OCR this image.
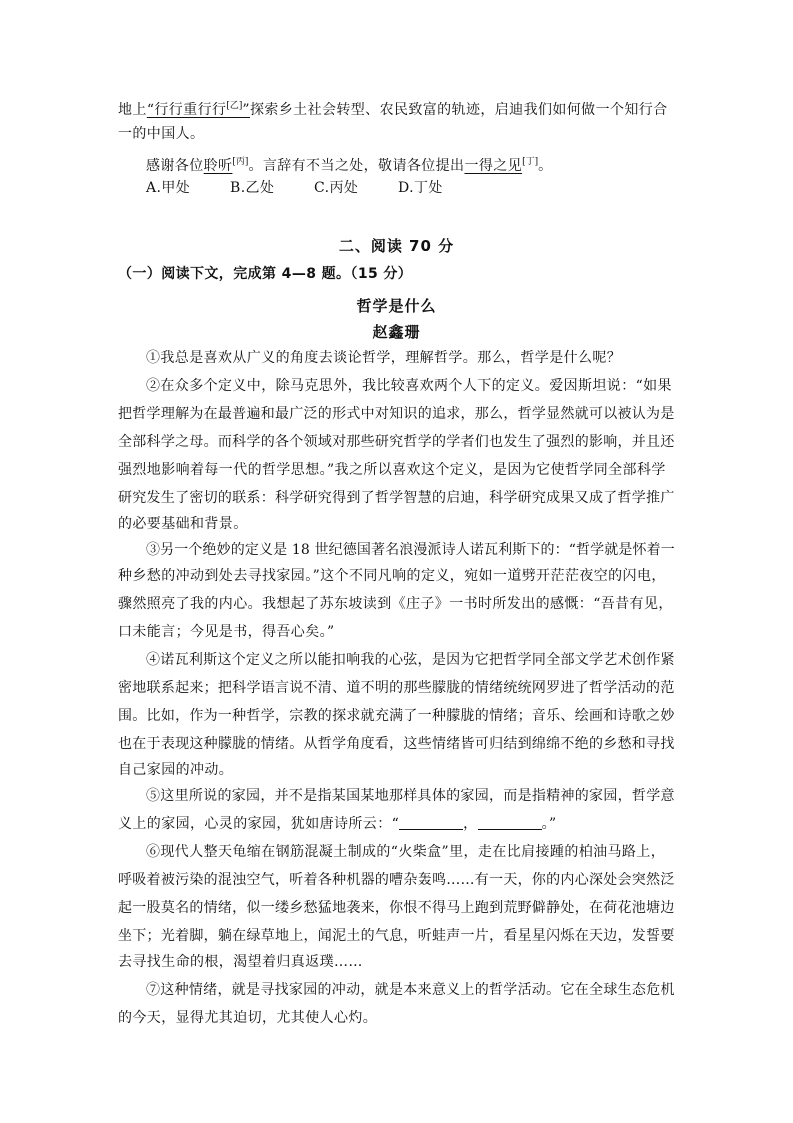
地上“行行重行行[乙]”探索乡土社会转型、农民致富的轨迹，启迪我们如何做一个知行合
一的中国人。
感谢各位聆听[丙]。言辞有不当之处，敬请各位提出一得之见[丁]。
A.甲处	B.乙处	C.丙处	D.丁处
二、阅读 70 分
（一）阅读下文，完成第 4—8 题。（15 分）
哲学是什么
赵鑫珊
①我总是喜欢从广义的角度去谈论哲学，理解哲学。那么，哲学是什么呢？
②在众多个定义中，除马克思外，我比较喜欢两个人下的定义。爱因斯坦说：“如果
把哲学理解为在最普遍和最广泛的形式中对知识的追求，那么，哲学显然就可以被认为是
全部科学之母。而科学的各个领域对那些研究哲学的学者们也发生了强烈的影响，并且还
强烈地影响着每一代的哲学思想。”我之所以喜欢这个定义，是因为它使哲学同全部科学
研究发生了密切的联系：科学研究得到了哲学智慧的启迪，科学研究成果又成了哲学推广
的必要基础和背景。
③另一个绝妙的定义是 18 世纪德国著名浪漫派诗人诺瓦利斯下的：“哲学就是怀着一
种乡愁的冲动到处去寻找家园。”这个不同凡响的定义，宛如一道劈开茫茫夜空的闪电，
骤然照亮了我的内心。我想起了苏东坡读到《庄子》一书时所发出的感慨：“吾昔有见，
口未能言；今见是书，得吾心矣。”
④诺瓦利斯这个定义之所以能扣响我的心弦，是因为它把哲学同全部文学艺术创作紧
密地联系起来；把科学语言说不清、道不明的那些朦胧的情绪统统网罗进了哲学活动的范
围。比如，作为一种哲学，宗教的探求就充满了一种朦胧的情绪；音乐、绘画和诗歌之妙
也在于表现这种朦胧的情绪。从哲学角度看，这些情绪皆可归结到绵绵不绝的乡愁和寻找
自己家园的冲动。
⑤这里所说的家园，并不是指某国某地那样具体的家园，而是指精神的家园，哲学意
义上的家园，心灵的家园，犹如唐诗所云：“	，	。”
⑥现代人整天龟缩在钢筋混凝土制成的“火柴盒”里，走在比肩接踵的柏油马路上，
呼吸着被污染的混浊空气，听着各种机器的嘈杂轰鸣……有一天，你的内心深处会突然泛
起一股莫名的情绪，似一缕乡愁猛地袭来，你恨不得马上跑到荒野僻静处，在荷花池塘边
坐下；光着脚，躺在绿草地上，闻泥土的气息，听蛙声一片，看星星闪烁在天边，发誓要
去寻找生命的根，渴望着归真返璞……
⑦这种情绪，就是寻找家园的冲动，就是本来意义上的哲学活动。它在全球生态危机
的今天，显得尤其迫切，尤其使人心灼。
